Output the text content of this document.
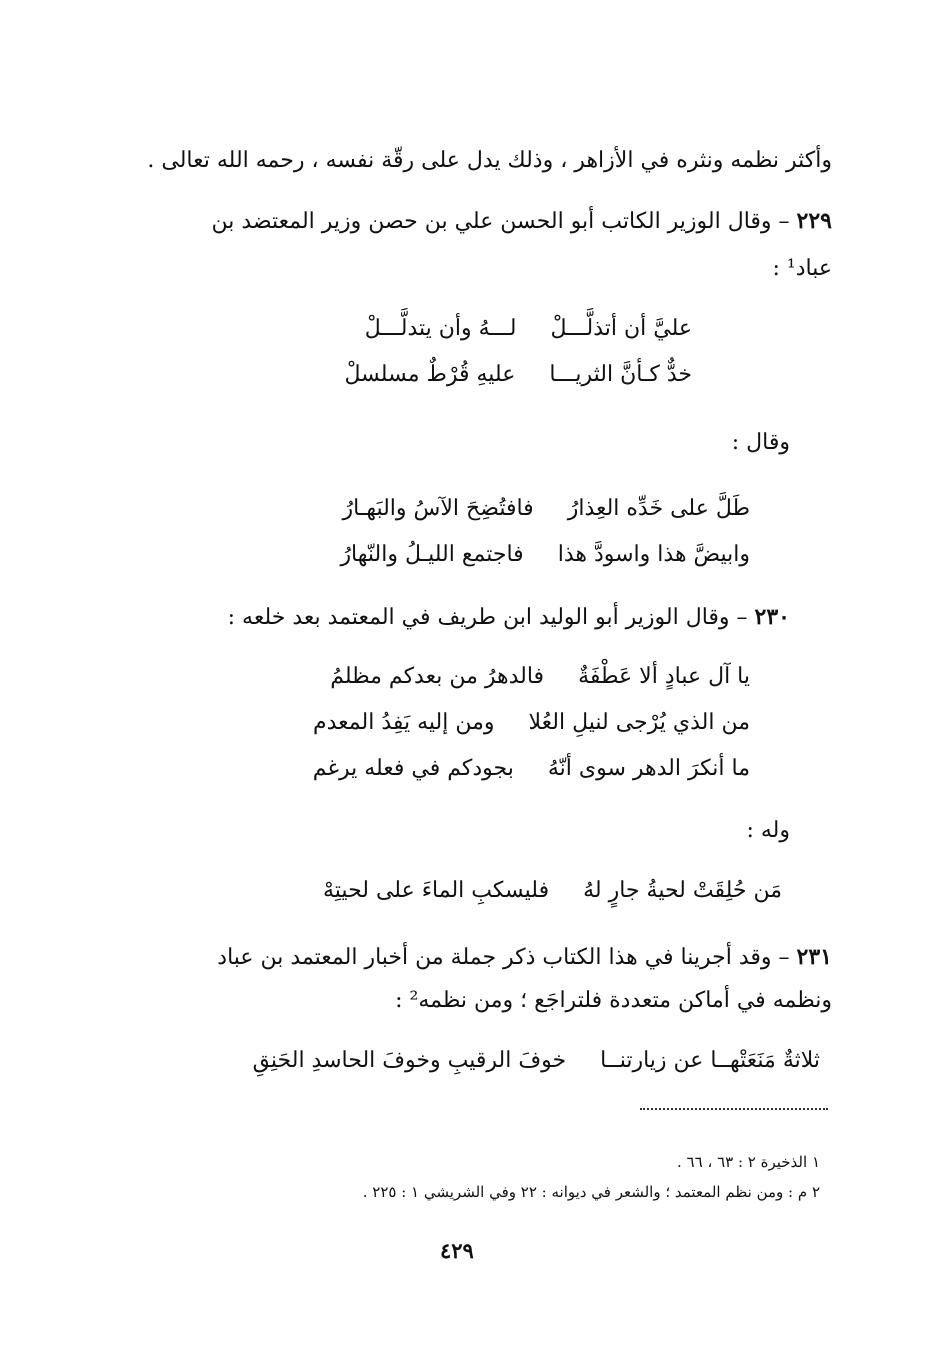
وأكثر نظمه ونثره في الأزاهر ، وذلك يدل على رقّة نفسه ، رحمه الله تعالى .
٢٢٩ – وقال الوزير الكاتب أبو الحسن علي بن حصن وزير المعتضد بن
عباد¹ :
عليَّ أن أتذلَّـــلْلـــهُ وأن يتدلَّـــلْ
خدٌّ كـأنَّ الثريـــاعليهِ قُرْطٌ مسلسلْ
وقال :
طَلَّ على خَدِّه العِذارُفافتُضِحَ الآسُ والبَهـارُ
وابيضَّ هذا واسودَّ هذافاجتمع الليـلُ والنّهارُ
٢٣٠ – وقال الوزير أبو الوليد ابن طريف في المعتمد بعد خلعه :
يا آل عبادٍ ألا عَطْفَةٌفالدهرُ من بعدكم مظلمُ
من الذي يُرْجى لنيلِ العُلاومن إليه يَفِدُ المعدم
ما أنكرَ الدهر سوى أنّهُبجودكم في فعله يرغم
وله :
مَن حُلِقَتْ لحيةُ جارٍ لهُفليسكبِ الماءَ على لحيتِهْ
٢٣١ – وقد أجرينا في هذا الكتاب ذكر جملة من أخبار المعتمد بن عباد
ونظمه في أماكن متعددة فلتراجَع ؛ ومن نظمه² :
ثلاثةٌ مَنَعَتْهــا عن زيارتنــاخوفَ الرقيبِ وخوفَ الحاسدِ الحَنِقِ
١ الذخيرة ٢ : ٦٣ ، ٦٦ .
٢ م : ومن نظم المعتمد ؛ والشعر في ديوانه : ٢٢ وفي الشريشي ١ : ٢٢٥ .
٤٢٩
